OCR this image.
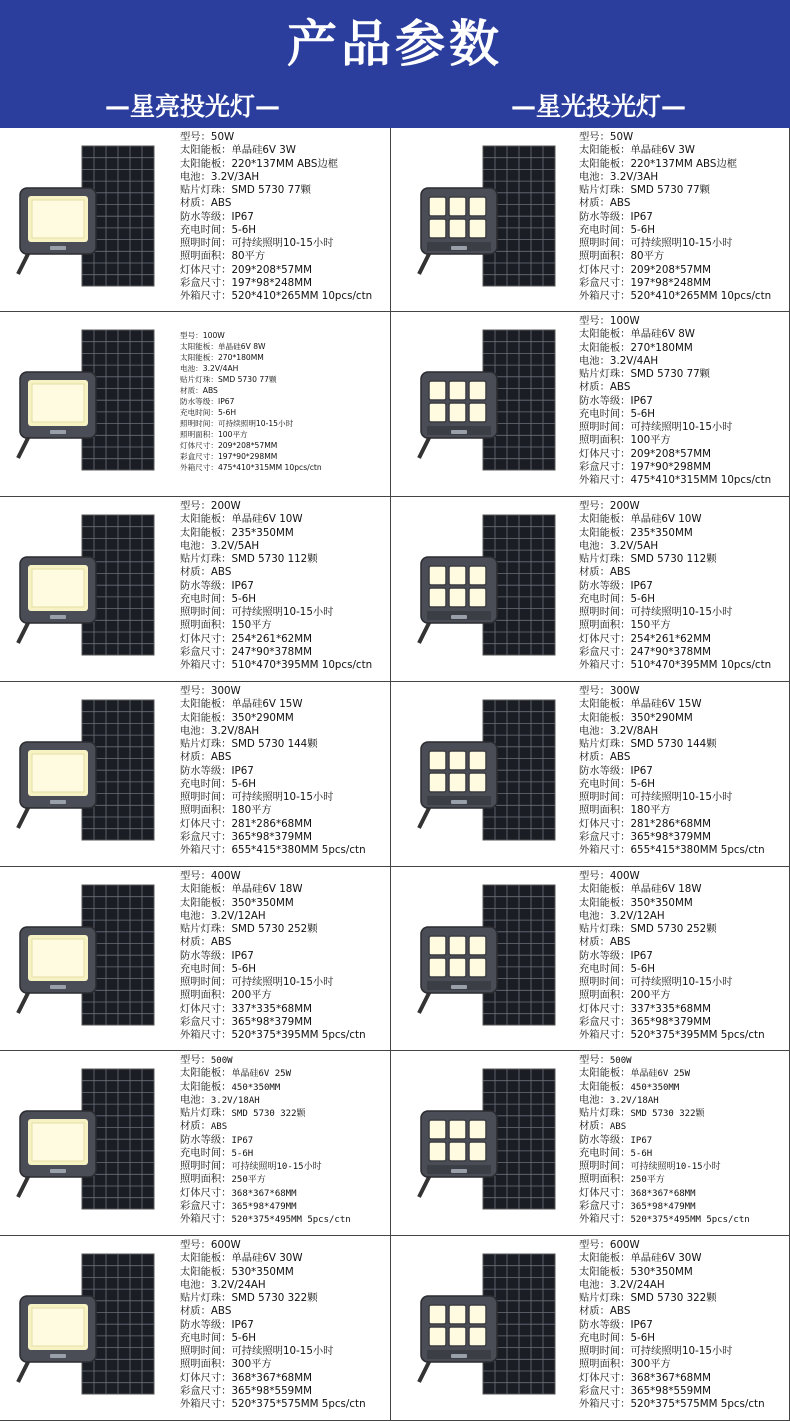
产品参数
—星亮投光灯—	—星光投光灯—
型号：50W
太阳能板：单晶硅6V 3W
太阳能板：220*137MM ABS边框
电池：3.2V/3AH
贴片灯珠：SMD 5730 77颗
材质：ABS
防水等级：IP67
充电时间：5-6H
照明时间：可持续照明10-15小时
照明面积：80平方
灯体尺寸：209*208*57MM
彩盒尺寸：197*98*248MM
外箱尺寸：520*410*265MM 10pcs/ctn
型号：50W
太阳能板：单晶硅6V 3W
太阳能板：220*137MM ABS边框
电池：3.2V/3AH
贴片灯珠：SMD 5730 77颗
材质：ABS
防水等级：IP67
充电时间：5-6H
照明时间：可持续照明10-15小时
照明面积：80平方
灯体尺寸：209*208*57MM
彩盒尺寸：197*98*248MM
外箱尺寸：520*410*265MM 10pcs/ctn
型号：100W
太阳能板：单晶硅6V 8W
太阳能板：270*180MM
电池：3.2V/4AH
贴片灯珠：SMD 5730 77颗
材质：ABS
防水等级：IP67
充电时间：5-6H
照明时间：可持续照明10-15小时
照明面积：100平方
灯体尺寸：209*208*57MM
彩盒尺寸：197*90*298MM
外箱尺寸：475*410*315MM 10pcs/ctn
型号：100W
太阳能板：单晶硅6V 8W
太阳能板：270*180MM
电池：3.2V/4AH
贴片灯珠：SMD 5730 77颗
材质：ABS
防水等级：IP67
充电时间：5-6H
照明时间：可持续照明10-15小时
照明面积：100平方
灯体尺寸：209*208*57MM
彩盒尺寸：197*90*298MM
外箱尺寸：475*410*315MM 10pcs/ctn
型号：200W
太阳能板：单晶硅6V 10W
太阳能板：235*350MM
电池：3.2V/5AH
贴片灯珠：SMD 5730 112颗
材质：ABS
防水等级：IP67
充电时间：5-6H
照明时间：可持续照明10-15小时
照明面积：150平方
灯体尺寸：254*261*62MM
彩盒尺寸：247*90*378MM
外箱尺寸：510*470*395MM 10pcs/ctn
型号：200W
太阳能板：单晶硅6V 10W
太阳能板：235*350MM
电池：3.2V/5AH
贴片灯珠：SMD 5730 112颗
材质：ABS
防水等级：IP67
充电时间：5-6H
照明时间：可持续照明10-15小时
照明面积：150平方
灯体尺寸：254*261*62MM
彩盒尺寸：247*90*378MM
外箱尺寸：510*470*395MM 10pcs/ctn
型号：300W
太阳能板：单晶硅6V 15W
太阳能板：350*290MM
电池：3.2V/8AH
贴片灯珠：SMD 5730 144颗
材质：ABS
防水等级：IP67
充电时间：5-6H
照明时间：可持续照明10-15小时
照明面积：180平方
灯体尺寸：281*286*68MM
彩盒尺寸：365*98*379MM
外箱尺寸：655*415*380MM 5pcs/ctn
型号：300W
太阳能板：单晶硅6V 15W
太阳能板：350*290MM
电池：3.2V/8AH
贴片灯珠：SMD 5730 144颗
材质：ABS
防水等级：IP67
充电时间：5-6H
照明时间：可持续照明10-15小时
照明面积：180平方
灯体尺寸：281*286*68MM
彩盒尺寸：365*98*379MM
外箱尺寸：655*415*380MM 5pcs/ctn
型号：400W
太阳能板：单晶硅6V 18W
太阳能板：350*350MM
电池：3.2V/12AH
贴片灯珠：SMD 5730 252颗
材质：ABS
防水等级：IP67
充电时间：5-6H
照明时间：可持续照明10-15小时
照明面积：200平方
灯体尺寸：337*335*68MM
彩盒尺寸：365*98*379MM
外箱尺寸：520*375*395MM 5pcs/ctn
型号：400W
太阳能板：单晶硅6V 18W
太阳能板：350*350MM
电池：3.2V/12AH
贴片灯珠：SMD 5730 252颗
材质：ABS
防水等级：IP67
充电时间：5-6H
照明时间：可持续照明10-15小时
照明面积：200平方
灯体尺寸：337*335*68MM
彩盒尺寸：365*98*379MM
外箱尺寸：520*375*395MM 5pcs/ctn
型号：500W
太阳能板：单晶硅6V 25W
太阳能板：450*350MM
电池：3.2V/18AH
贴片灯珠：SMD 5730 322颗
材质：ABS
防水等级：IP67
充电时间：5-6H
照明时间：可持续照明10-15小时
照明面积：250平方
灯体尺寸：368*367*68MM
彩盒尺寸：365*98*479MM
外箱尺寸：520*375*495MM 5pcs/ctn
型号：500W
太阳能板：单晶硅6V 25W
太阳能板：450*350MM
电池：3.2V/18AH
贴片灯珠：SMD 5730 322颗
材质：ABS
防水等级：IP67
充电时间：5-6H
照明时间：可持续照明10-15小时
照明面积：250平方
灯体尺寸：368*367*68MM
彩盒尺寸：365*98*479MM
外箱尺寸：520*375*495MM 5pcs/ctn
型号：600W
太阳能板：单晶硅6V 30W
太阳能板：530*350MM
电池：3.2V/24AH
贴片灯珠：SMD 5730 322颗
材质：ABS
防水等级：IP67
充电时间：5-6H
照明时间：可持续照明10-15小时
照明面积：300平方
灯体尺寸：368*367*68MM
彩盒尺寸：365*98*559MM
外箱尺寸：520*375*575MM 5pcs/ctn
型号：600W
太阳能板：单晶硅6V 30W
太阳能板：530*350MM
电池：3.2V/24AH
贴片灯珠：SMD 5730 322颗
材质：ABS
防水等级：IP67
充电时间：5-6H
照明时间：可持续照明10-15小时
照明面积：300平方
灯体尺寸：368*367*68MM
彩盒尺寸：365*98*559MM
外箱尺寸：520*375*575MM 5pcs/ctn
